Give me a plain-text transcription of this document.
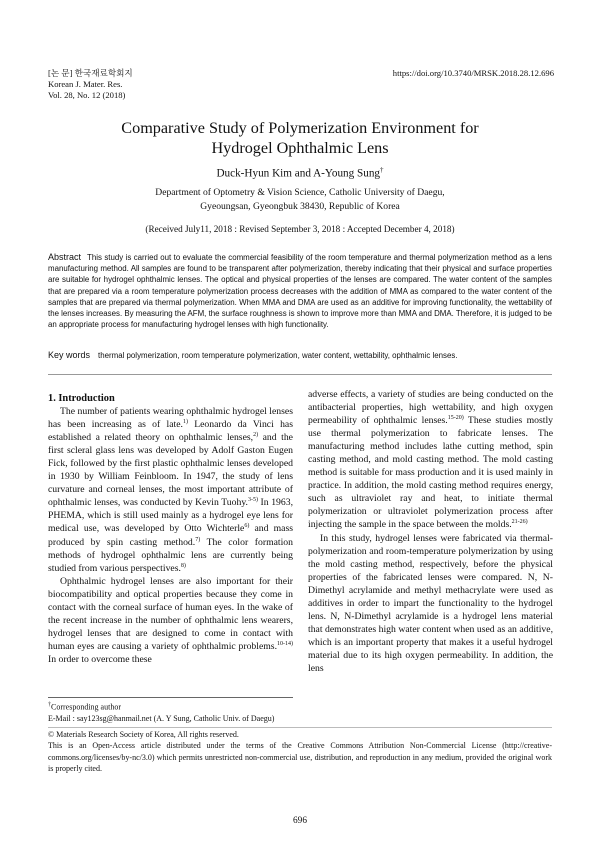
[논 문] 한국재료학회지
Korean J. Mater. Res.
Vol. 28, No. 12 (2018)
https://doi.org/10.3740/MRSK.2018.28.12.696
Comparative Study of Polymerization Environment for
Hydrogel Ophthalmic Lens
Duck-Hyun Kim and A-Young Sung†
Department of Optometry & Vision Science, Catholic University of Daegu,
Gyeoungsan, Gyeongbuk 38430, Republic of Korea
(Received July11, 2018 : Revised September 3, 2018 : Accepted December 4, 2018)
Abstract This study is carried out to evaluate the commercial feasibility of the room temperature and thermal polymerization method as a lens manufacturing method. All samples are found to be transparent after polymerization, thereby indicating that their physical and surface properties are suitable for hydrogel ophthalmic lenses. The optical and physical properties of the lenses are compared. The water content of the samples that are prepared via a room temperature polymerization process decreases with the addition of MMA as compared to the water content of the samples that are prepared via thermal polymerization. When MMA and DMA are used as an additive for improving functionality, the wettability of the lenses increases. By measuring the AFM, the surface roughness is shown to improve more than MMA and DMA. Therefore, it is judged to be an appropriate process for manufacturing hydrogel lenses with high functionality.
Key words thermal polymerization, room temperature polymerization, water content, wettability, ophthalmic lenses.

1. Introduction

The number of patients wearing ophthalmic hydrogel lenses has been increasing as of late.$^{1)}$ Leonardo da Vinci has established a related theory on ophthalmic lenses,$^{2)}$ and the first scleral glass lens was developed by Adolf Gaston Eugen Fick, followed by the first plastic ophthalmic lenses developed in 1930 by William Feinbloom. In 1947, the study of lens curvature and corneal lenses, the most important attribute of ophthalmic lenses, was conducted by Kevin Tuohy.$^{3-5)}$ In 1963, PHEMA, which is still used mainly as a hydrogel eye lens for medical use, was developed by Otto Wichterle$^{6)}$ and mass produced by spin casting method.$^{7)}$ The color formation methods of hydrogel ophthalmic lens are currently being studied from various perspectives.$^{8)}$

Ophthalmic hydrogel lenses are also important for their biocompatibility and optical properties because they come in contact with the corneal surface of human eyes. In the wake of the recent increase in the number of ophthalmic lens wearers, hydrogel lenses that are designed to come in contact with human eyes are causing a variety of ophthalmic problems.$^{10-14)}$ In order to overcome these

adverse effects, a variety of studies are being conducted on the antibacterial properties, high wettability, and high oxygen permeability of ophthalmic lenses.$^{15-20)}$ These studies mostly use thermal polymerization to fabricate lenses. The manufacturing method includes lathe cutting method, spin casting method, and mold casting method. The mold casting method is suitable for mass production and it is used mainly in practice. In addition, the mold casting method requires energy, such as ultraviolet ray and heat, to initiate thermal polymerization or ultraviolet polymerization process after injecting the sample in the space between the molds.$^{21-26)}$

In this study, hydrogel lenses were fabricated via thermal-polymerization and room-temperature polymerization by using the mold casting method, respectively, before the physical properties of the fabricated lenses were compared. N, N-Dimethyl acrylamide and methyl methacrylate were used as additives in order to impart the functionality to the hydrogel lens. N, N-Dimethyl acrylamide is a hydrogel lens material that demonstrates high water content when used as an additive, which is an important property that makes it a useful hydrogel material due to its high oxygen permeability. In addition, the lens

†Corresponding author
E-Mail : say123sg@hanmail.net (A. Y Sung, Catholic Univ. of Daegu)
© Materials Research Society of Korea, All rights reserved.
This is an Open-Access article distributed under the terms of the Creative Commons Attribution Non-Commercial License (http://creative-commons.org/licenses/by-nc/3.0) which permits unrestricted non-commercial use, distribution, and reproduction in any medium, provided the original work is properly cited.
696
